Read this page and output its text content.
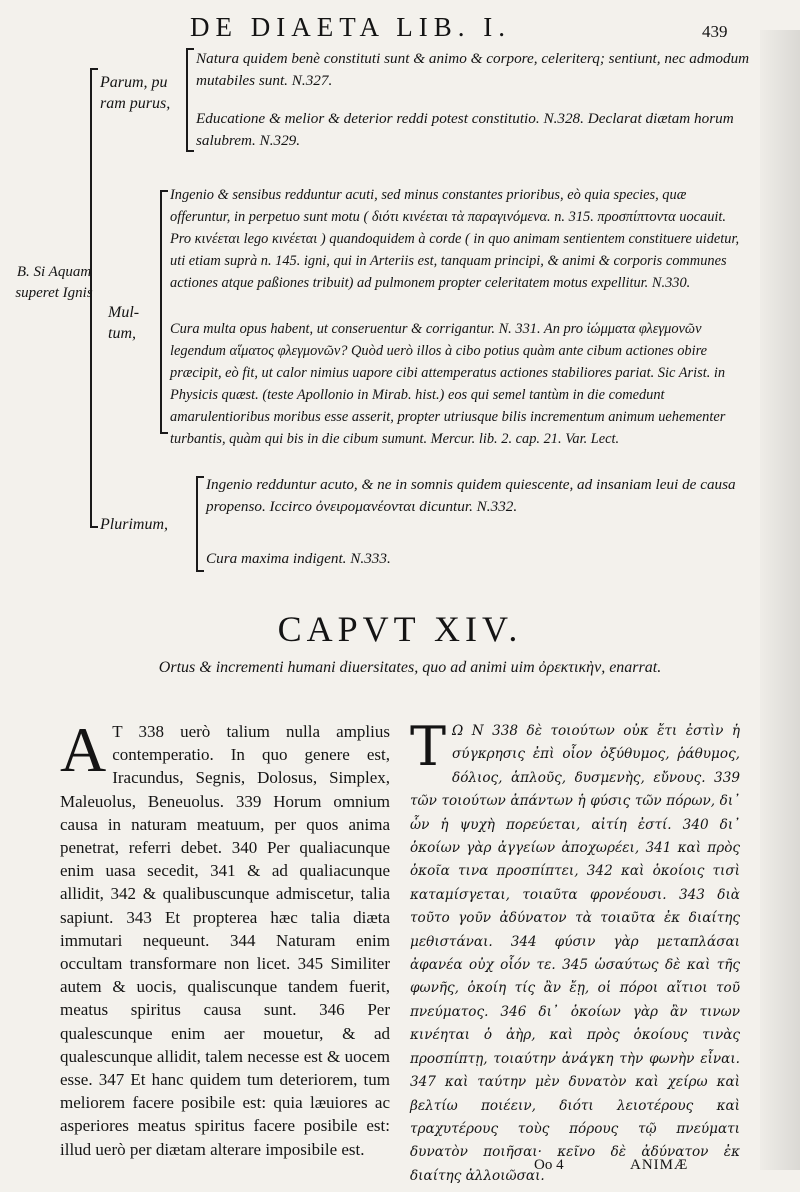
DE DIAETA LIB. I.	439
B. Si Aquam superet Ignis
Parum, pu ram purus,
Natura quidem benè constituti sunt & animo & corpore, celeriterq; sentiunt, nec admodum mutabiles sunt. N.327.
Educatione & melior & deterior reddi potest constitutio. N.328. Declarat diætam horum salubrem. N.329.
Mul- tum,
Ingenio & sensibus redduntur acuti, sed minus constantes prioribus, eò quia species, quæ offeruntur, in perpetuo sunt motu ( διότι κινέεται τὰ παραγινόμενα. n. 315. προσπίπτοντα uocauit. Pro κινέεται lego κινέεται ) quandoquidem à corde ( in quo animam sentientem constituere uidetur, uti etiam suprà n. 145. igni, qui in Arteriis est, tanquam principi, & animi & corporis communes actiones atque paßiones tribuit) ad pulmonem propter celeritatem motus expellitur. N.330.
Cura multa opus habent, ut conseruentur & corrigantur. N. 331. An pro ἰώμματα φλεγμονῶν legendum αἵματος φλεγμονῶν? Quòd uerò illos à cibo potius quàm ante cibum actiones obire præcipit, eò fit, ut calor nimius uapore cibi attemperatus actiones stabiliores pariat. Sic Arist. in Physicis quæst. (teste Apollonio in Mirab. hist.) eos qui semel tantùm in die comedunt amarulentioribus moribus esse asserit, propter utriusque bilis incrementum animum uehementer turbantis, quàm qui bis in die cibum sumunt. Mercur. lib. 2. cap. 21. Var. Lect.
Plurimum,
Ingenio redduntur acuto, & ne in somnis quidem quiescente, ad insaniam leui de causa propenso. Iccirco ὀνειρομανέονται dicuntur. N.332.
Cura maxima indigent. N.333.
CAPVT XIV.
Ortus & incrementi humani diuersitates, quo ad animi uim ὀρεκτικὴν, enarrat.
A T 338 uerò talium nulla amplius contemperatio. In quo genere est, Iracundus, Segnis, Dolosus, Simplex, Maleuolus, Beneuolus. 339 Horum omnium causa in naturam meatuum, per quos anima penetrat, referri debet. 340 Per qualiacunque enim uasa secedit, 341 & ad qualiacunque allidit, 342 & qualibuscunque admiscetur, talia sapiunt. 343 Et propterea hæc talia diæta immutari nequeunt. 344 Naturam enim occultam transformare non licet. 345 Similiter autem & uocis, qualiscunque tandem fuerit, meatus spiritus causa sunt. 346 Per qualescunque enim aer mouetur, & ad qualescunque allidit, talem necesse est & uocem esse. 347 Et hanc quidem tum deteriorem, tum meliorem facere posibile est: quia læuiores ac asperiores meatus spiritus facere posibile est: illud uerò per diætam alterare imposibile est.
Τ Ω Ν 338 δὲ τοιούτων οὐκ ἔτι ἐστὶν ἡ σύγκρησις ἐπὶ οἷον ὀξύθυμος, ῥάθυμος, δόλιος, ἁπλοῦς, δυσμενὴς, εὔνους. 339 τῶν τοιούτων ἁπάντων ἡ φύσις τῶν πόρων, δι᾽ ὧν ἡ ψυχὴ πορεύεται, αἰτίη ἐστί. 340 δι᾽ ὁκοίων γὰρ ἀγγείων ἀποχωρέει, 341 καὶ πρὸς ὁκοῖα τινα προσπίπτει, 342 καὶ ὁκοίοις τισὶ καταμίσγεται, τοιαῦτα φρονέουσι. 343 διὰ τοῦτο γοῦν ἀδύνατον τὰ τοιαῦτα ἐκ διαίτης μεθιστάναι. 344 φύσιν γὰρ μεταπλάσαι ἀφανέα οὐχ οἷόν τε. 345 ὡσαύτως δὲ καὶ τῆς φωνῆς, ὁκοίη τίς ἂν ἔῃ, οἱ πόροι αἴτιοι τοῦ πνεύματος. 346 δι᾽ ὁκοίων γὰρ ἂν τινων κινέηται ὁ ἀὴρ, καὶ πρὸς ὁκοίους τινὰς προσπίπτῃ, τοιαύτην ἀνάγκη τὴν φωνὴν εἶναι. 347 καὶ ταύτην μὲν δυνατὸν καὶ χείρω καὶ βελτίω ποιέειν, διότι λειοτέρους καὶ τραχυτέρους τοὺς πόρους τῷ πνεύματι δυνατὸν ποιῆσαι· κεῖνο δὲ ἀδύνατον ἐκ διαίτης ἀλλοιῶσαι.
Oo 4	ANIMÆ
